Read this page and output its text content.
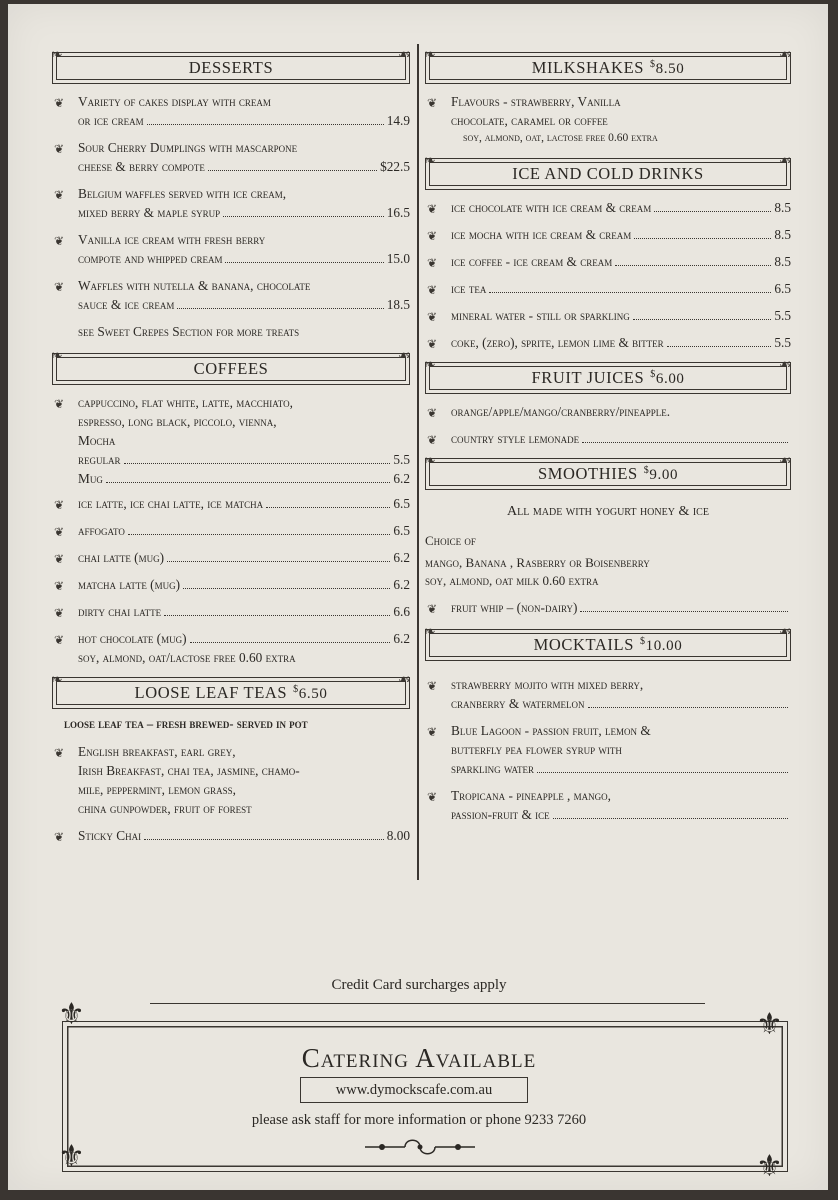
❧
DESSERTS
☙
❦ Variety of cakes display with cream
or ice cream	14.9
❦ Sour Cherry Dumplings with mascarpone
cheese & berry compote	$22.5
❦ Belgium waffles served with ice cream,
mixed berry & maple syrup	16.5
❦ Vanilla ice cream with fresh berry
compote and whipped cream	15.0
❦ Waffles with nutella & banana, chocolate
sauce & ice cream	18.5
see Sweet Crepes Section for more treats
❧
COFFEES
☙
❦ cappuccino, flat white, latte, macchiato,
espresso, long black, piccolo, vienna,
Mocha
regular	5.5
Mug	6.2
❦ ice latte, ice chai latte, ice matcha	6.5
❦ affogato	6.5
❦ chai latte (mug)	6.2
❦ matcha latte (mug)	6.2
❦ dirty chai latte	6.6
❦ hot chocolate (mug)	6.2
soy, almond, oat/lactose free 0.60 extra
❧
LOOSE LEAF TEAS $6.50
☙
loose leaf tea – fresh brewed- served in pot
❦ English breakfast, earl grey,
Irish Breakfast, chai tea, jasmine, chamo-
mile, peppermint, lemon grass,
china gunpowder, fruit of forest
❦ Sticky Chai	8.00
❧
MILKSHAKES $8.50
☙
❦ Flavours - strawberry, Vanilla
chocolate, caramel or coffee
soy, almond, oat, lactose free 0.60 extra
❧
ICE AND COLD DRINKS
☙
❦ ice chocolate with ice cream & cream	8.5
❦ ice mocha with ice cream & cream	8.5
❦ ice coffee - ice cream & cream	8.5
❦ ice tea	6.5
❦ mineral water - still or sparkling	5.5
❦ coke, (zero), sprite, lemon lime & bitter	5.5
❧
FRUIT JUICES $6.00
☙
❦ orange/apple/mango/cranberry/pineapple.
❦ country style lemonade
❧
SMOOTHIES $9.00
☙
All made with yogurt honey & ice
Choice of
mango, Banana , Rasberry or Boisenberry
soy, almond, oat milk 0.60 extra
❦ fruit whip – (non-dairy)
❧
MOCKTAILS $10.00
☙
❦ strawberry mojito with mixed berry,
cranberry & watermelon
❦ Blue Lagoon - passion fruit, lemon &
butterfly pea flower syrup with
sparkling water
❦ Tropicana - pineapple , mango,
passion-fruit & ice
Credit Card surcharges apply
⚜	⚜
⚜	⚜
Catering Available
www.dymockscafe.com.au
please ask staff for more information or phone 9233 7260
